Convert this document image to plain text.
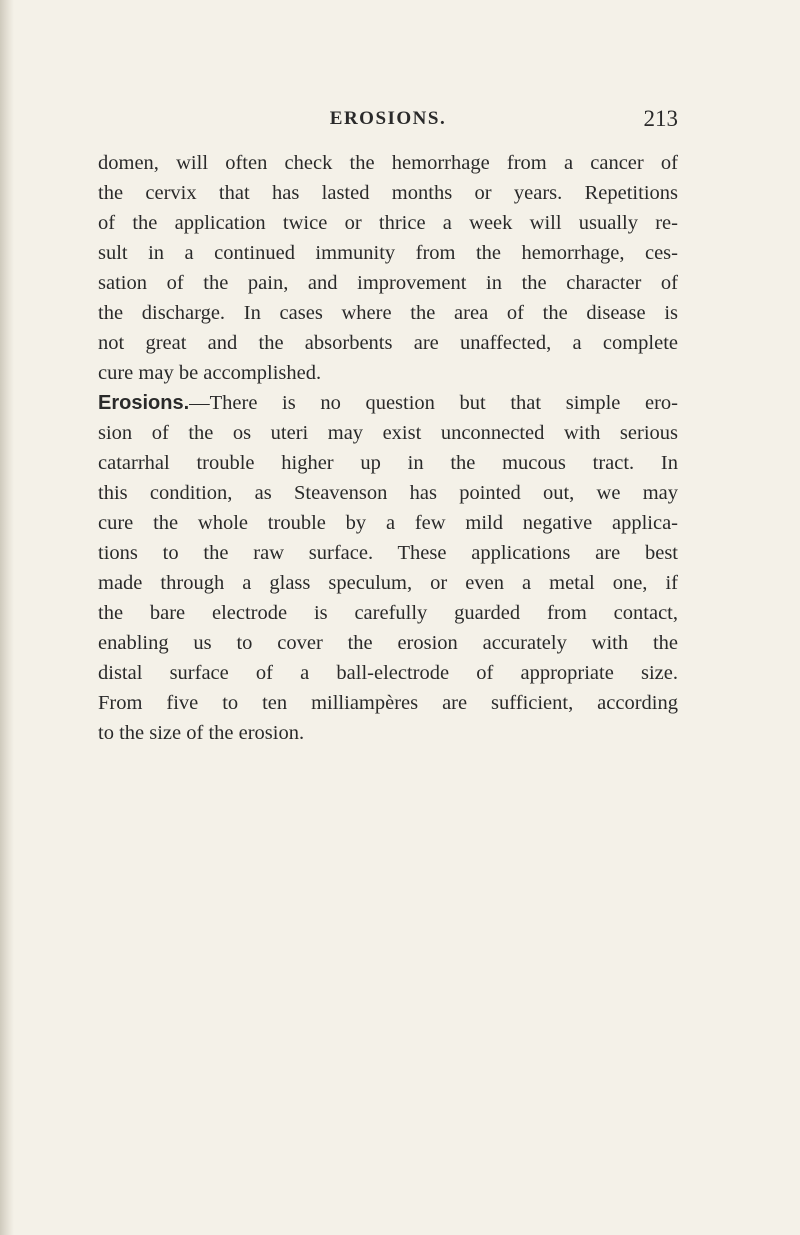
EROSIONS.	213
domen, will often check the hemorrhage from a cancer of
the cervix that has lasted months or years. Repetitions
of the application twice or thrice a week will usually re-
sult in a continued immunity from the hemorrhage, ces-
sation of the pain, and improvement in the character of
the discharge. In cases where the area of the disease is
not great and the absorbents are unaffected, a complete
cure may be accomplished.
Erosions.—There is no question but that simple ero-
sion of the os uteri may exist unconnected with serious
catarrhal trouble higher up in the mucous tract. In
this condition, as Steavenson has pointed out, we may
cure the whole trouble by a few mild negative applica-
tions to the raw surface. These applications are best
made through a glass speculum, or even a metal one, if
the bare electrode is carefully guarded from contact,
enabling us to cover the erosion accurately with the
distal surface of a ball-electrode of appropriate size.
From five to ten milliampères are sufficient, according
to the size of the erosion.
